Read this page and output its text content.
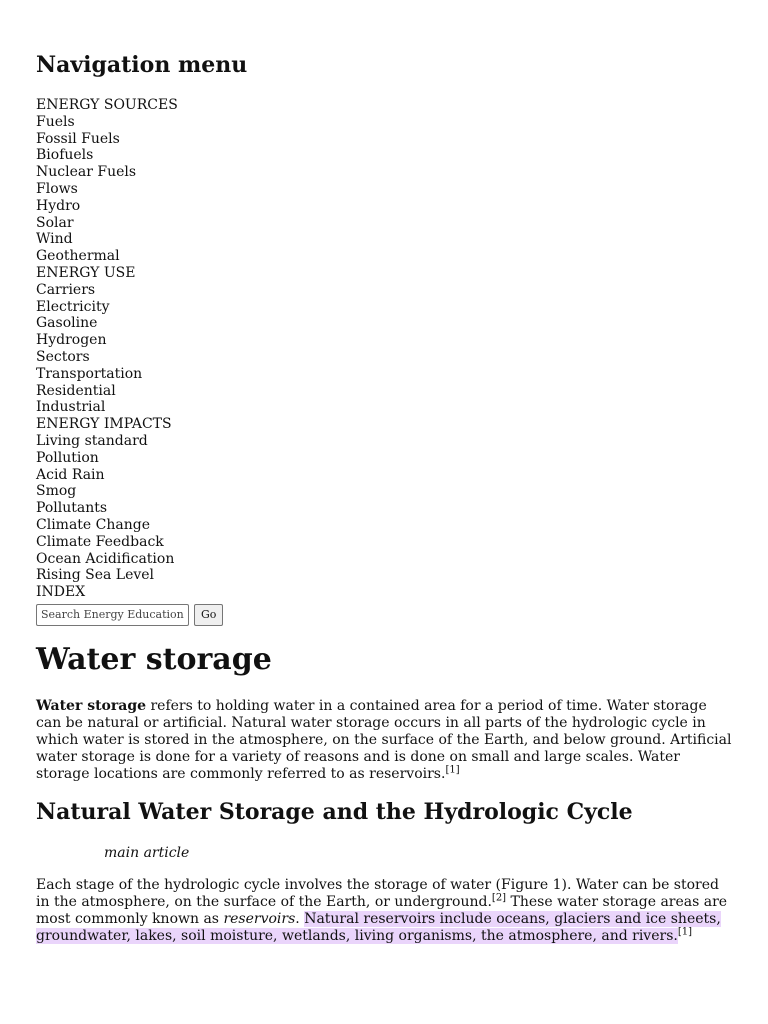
Navigation menu
ENERGY SOURCES
Fuels
Fossil Fuels
Biofuels
Nuclear Fuels
Flows
Hydro
Solar
Wind
Geothermal
ENERGY USE
Carriers
Electricity
Gasoline
Hydrogen
Sectors
Transportation
Residential
Industrial
ENERGY IMPACTS
Living standard
Pollution
Acid Rain
Smog
Pollutants
Climate Change
Climate Feedback
Ocean Acidification
Rising Sea Level
INDEX
Search Energy Education
Go
Water storage

Water storage refers to holding water in a contained area for a period of time. Water storage can be natural or artificial. Natural water storage occurs in all parts of the hydrologic cycle in which water is stored in the atmosphere, on the surface of the Earth, and below ground. Artificial water storage is done for a variety of reasons and is done on small and large scales. Water storage locations are commonly referred to as reservoirs.[1]

Natural Water Storage and the Hydrologic Cycle
main article

Each stage of the hydrologic cycle involves the storage of water (Figure 1). Water can be stored in the atmosphere, on the surface of the Earth, or underground.[2] These water storage areas are most commonly known as reservoirs. Natural reservoirs include oceans, glaciers and ice sheets, groundwater, lakes, soil moisture, wetlands, living organisms, the atmosphere, and rivers.[1]
